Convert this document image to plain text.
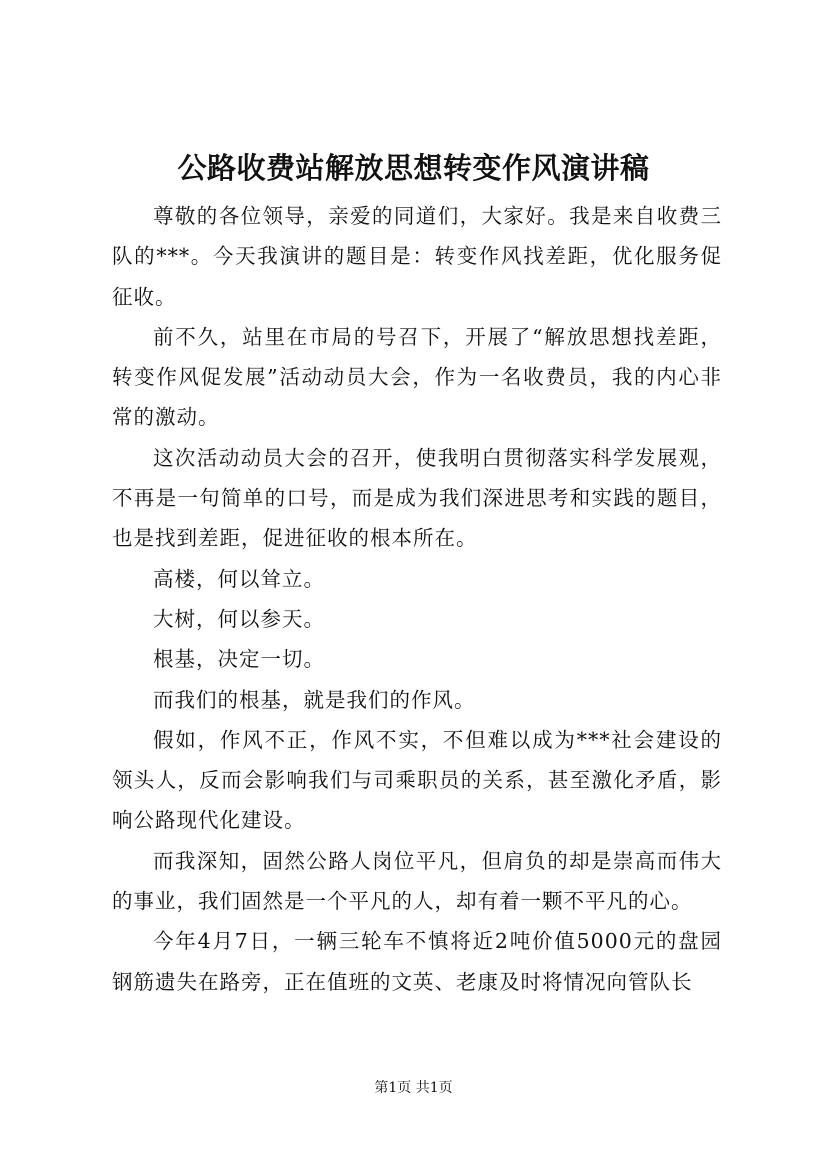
公路收费站解放思想转变作风演讲稿

尊敬的各位领导，亲爱的同道们，大家好。我是来自收费三队的***。今天我演讲的题目是：转变作风找差距，优化服务促征收。

前不久，站里在市局的号召下，开展了“解放思想找差距，转变作风促发展”活动动员大会，作为一名收费员，我的内心非常的激动。

这次活动动员大会的召开，使我明白贯彻落实科学发展观，不再是一句简单的口号，而是成为我们深进思考和实践的题目，也是找到差距，促进征收的根本所在。

高楼，何以耸立。

大树，何以参天。

根基，决定一切。

而我们的根基，就是我们的作风。

假如，作风不正，作风不实，不但难以成为***社会建设的领头人，反而会影响我们与司乘职员的关系，甚至激化矛盾，影响公路现代化建设。

而我深知，固然公路人岗位平凡，但肩负的却是崇高而伟大的事业，我们固然是一个平凡的人，却有着一颗不平凡的心。

今年4月7日，一辆三轮车不慎将近2吨价值5000元的盘园钢筋遗失在路旁，正在值班的文英、老康及时将情况向管队长

第1页 共1页
